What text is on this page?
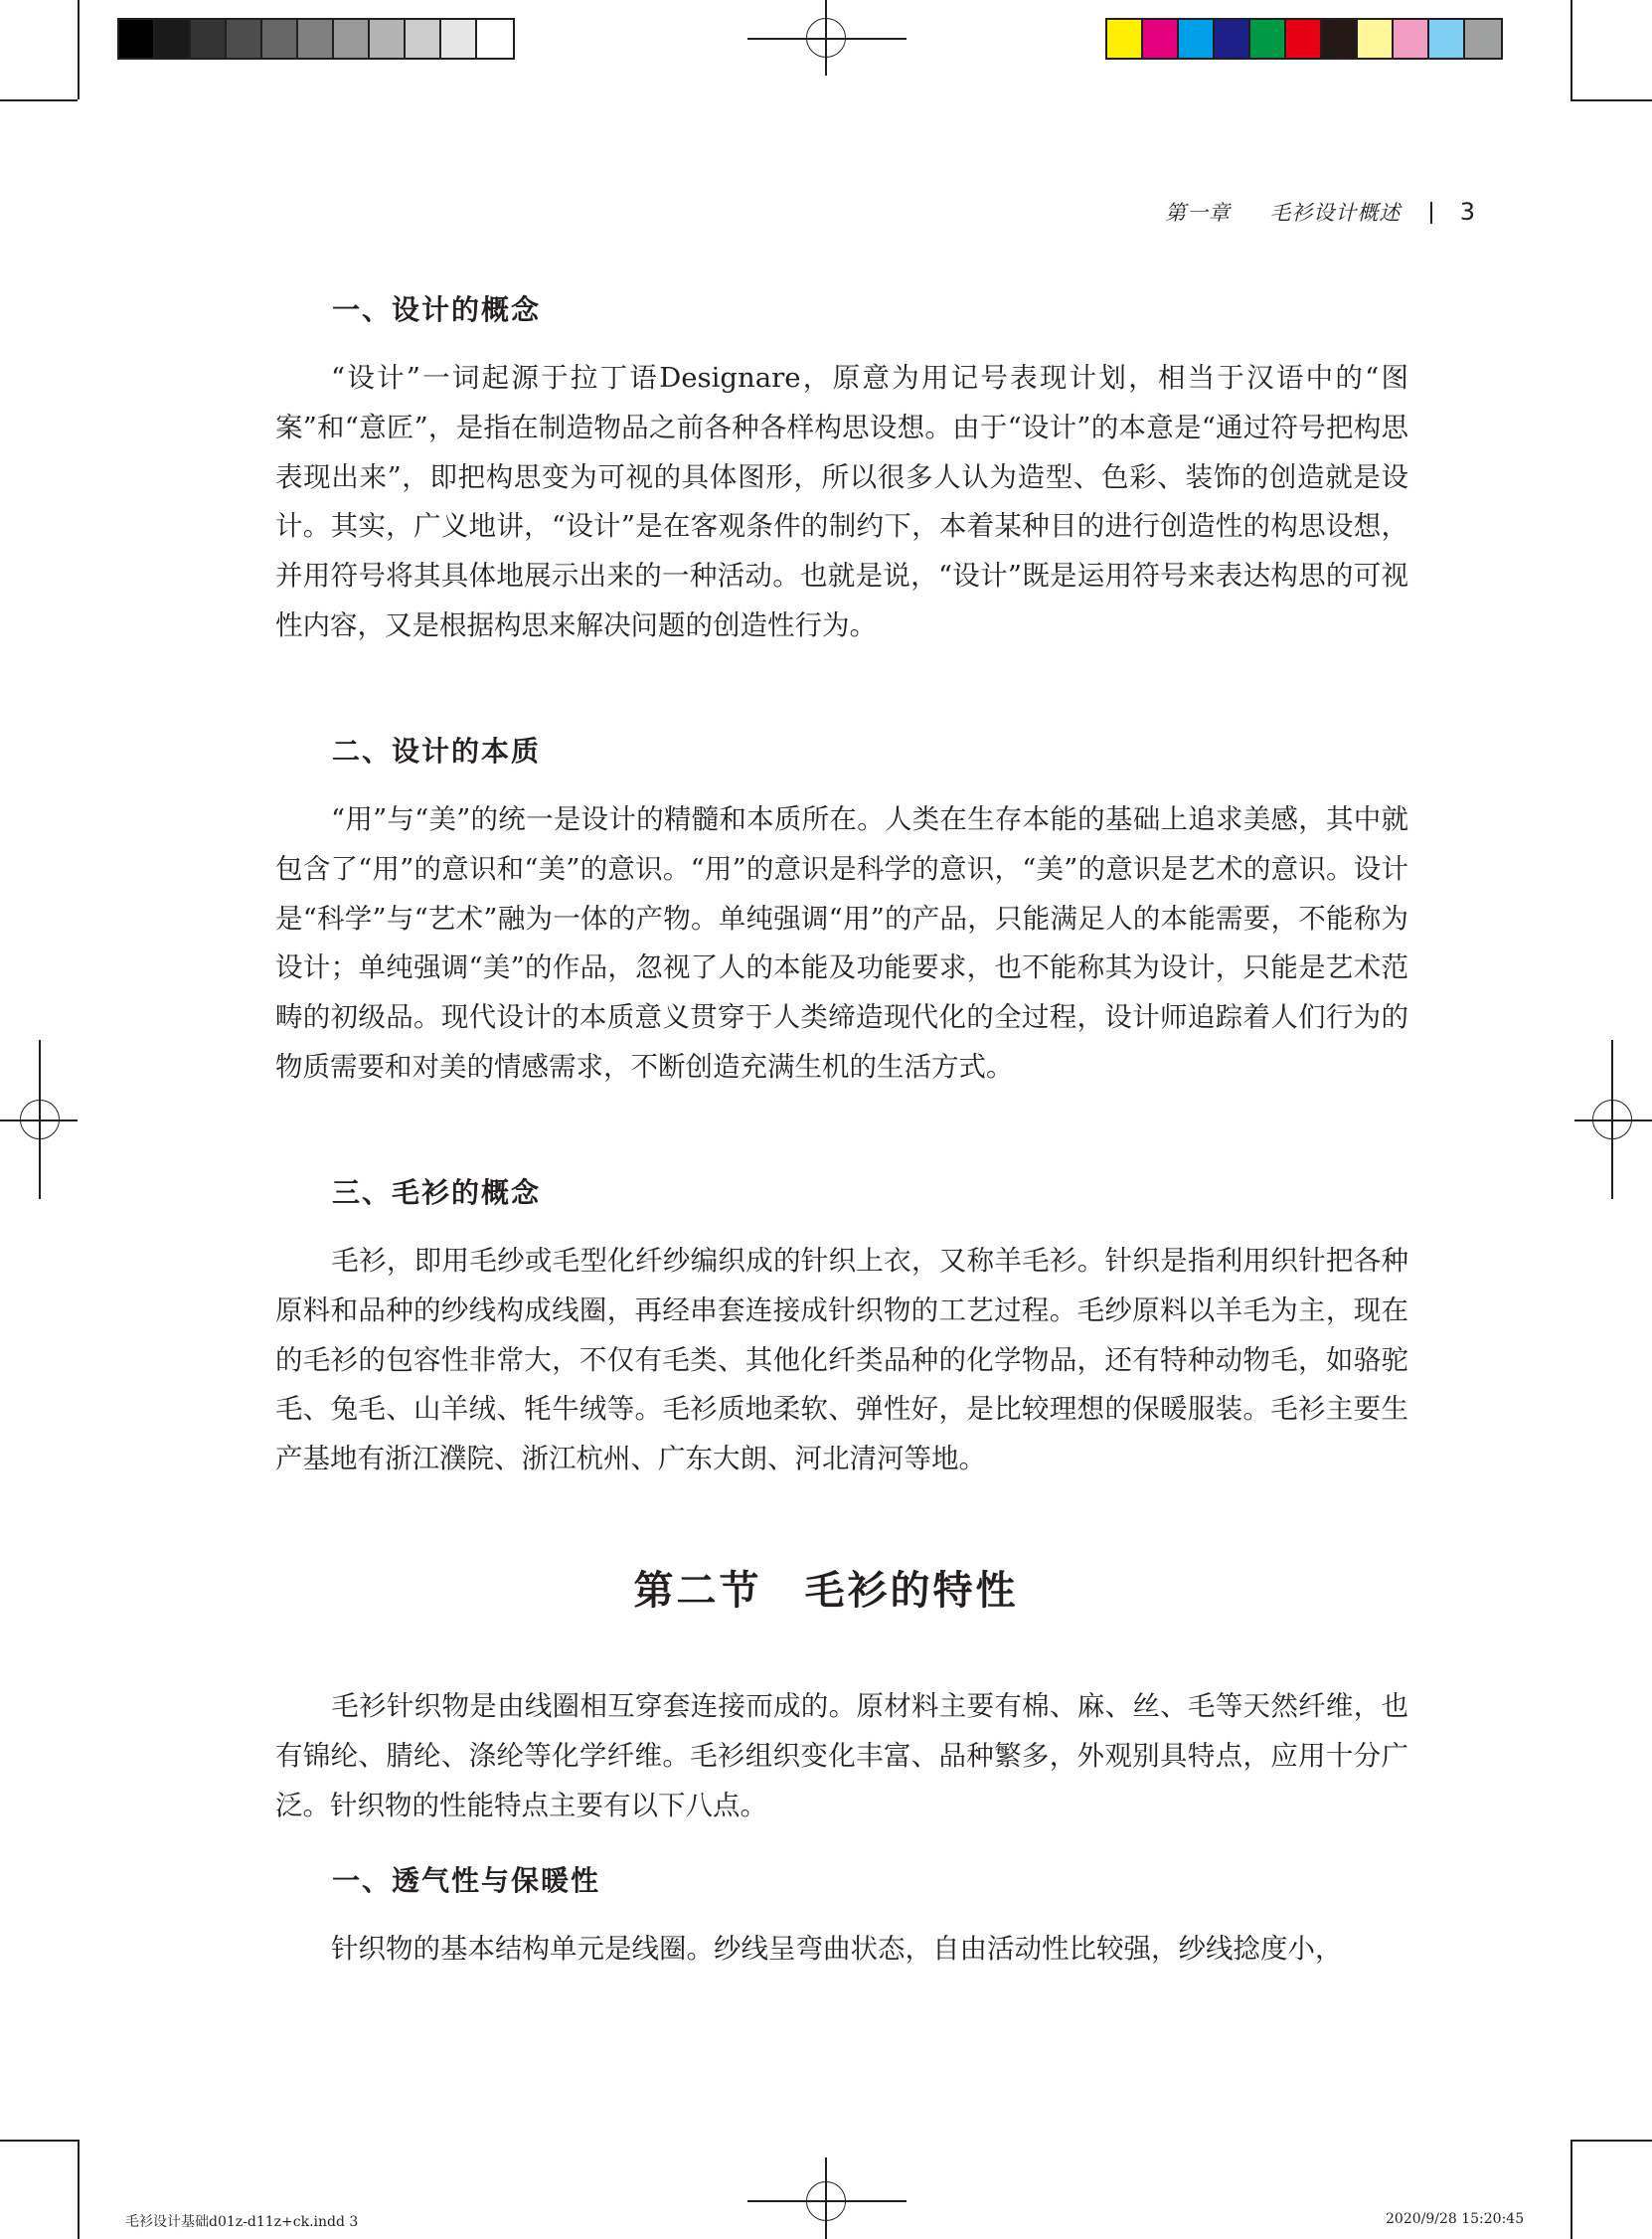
第一章 毛衫设计概述 3
一、设计的概念

“设计”一词起源于拉丁语Designare，原意为用记号表现计划，相当于汉语中的“图案”和“意匠”，是指在制造物品之前各种各样构思设想。由于“设计”的本意是“通过符号把构思表现出来”，即把构思变为可视的具体图形，所以很多人认为造型、色彩、装饰的创造就是设计。其实，广义地讲，“设计”是在客观条件的制约下，本着某种目的进行创造性的构思设想，并用符号将其具体地展示出来的一种活动。也就是说，“设计”既是运用符号来表达构思的可视性内容，又是根据构思来解决问题的创造性行为。

二、设计的本质

“用”与“美”的统一是设计的精髓和本质所在。人类在生存本能的基础上追求美感，其中就包含了“用”的意识和“美”的意识。“用”的意识是科学的意识，“美”的意识是艺术的意识。设计是“科学”与“艺术”融为一体的产物。单纯强调“用”的产品，只能满足人的本能需要，不能称为设计；单纯强调“美”的作品，忽视了人的本能及功能要求，也不能称其为设计，只能是艺术范畴的初级品。现代设计的本质意义贯穿于人类缔造现代化的全过程，设计师追踪着人们行为的物质需要和对美的情感需求，不断创造充满生机的生活方式。

三、毛衫的概念

毛衫，即用毛纱或毛型化纤纱编织成的针织上衣，又称羊毛衫。针织是指利用织针把各种原料和品种的纱线构成线圈，再经串套连接成针织物的工艺过程。毛纱原料以羊毛为主，现在的毛衫的包容性非常大，不仅有毛类、其他化纤类品种的化学物品，还有特种动物毛，如骆驼毛、兔毛、山羊绒、牦牛绒等。毛衫质地柔软、弹性好，是比较理想的保暖服装。毛衫主要生产基地有浙江濮院、浙江杭州、广东大朗、河北清河等地。

第二节　毛衫的特性

毛衫针织物是由线圈相互穿套连接而成的。原材料主要有棉、麻、丝、毛等天然纤维，也有锦纶、腈纶、涤纶等化学纤维。毛衫组织变化丰富、品种繁多，外观别具特点，应用十分广泛。针织物的性能特点主要有以下八点。

一、透气性与保暖性

针织物的基本结构单元是线圈。纱线呈弯曲状态，自由活动性比较强，纱线捻度小，

毛衫设计基础d01z-d11z+ck.indd 3	2020/9/28 15:20:45
